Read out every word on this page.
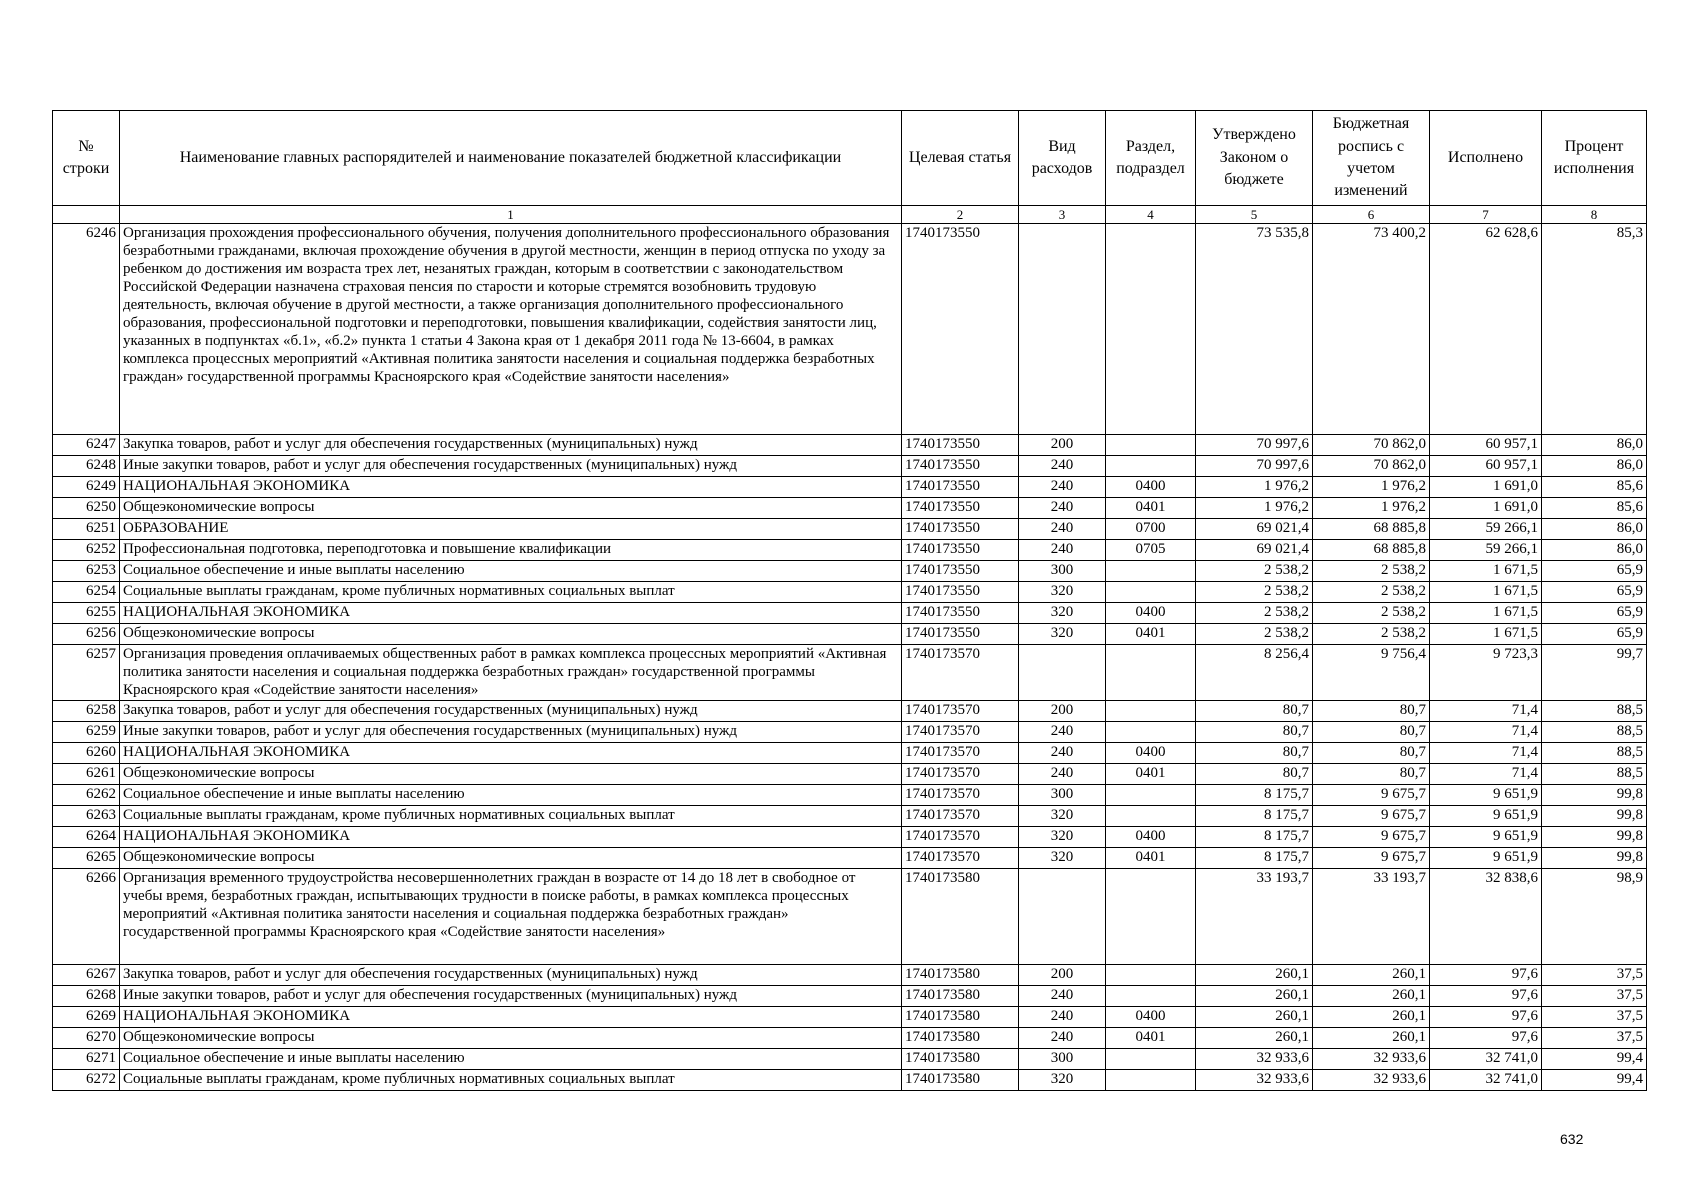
№ строки	Наименование главных распорядителей и наименование показателей бюджетной классификации	Целевая статья	Вид расходов	Раздел, подраздел	Утверждено Законом о бюджете	Бюджетная роспись с учетом изменений	Исполнено	Процент исполнения
	1	2	3	4	5	6	7	8
6246	Организация прохождения профессионального обучения, получения дополнительного профессионального образования безработными гражданами, включая прохождение обучения в другой местности, женщин в период отпуска по уходу за ребенком до достижения им возраста трех лет, незанятых граждан, которым в соответствии с законодательством Российской Федерации назначена страховая пенсия по старости и которые стремятся возобновить трудовую деятельность, включая обучение в другой местности, а также организация дополнительного профессионального образования, профессиональной подготовки и переподготовки, повышения квалификации, содействия занятости лиц, указанных в подпунктах «б.1», «б.2» пункта 1 статьи 4 Закона края от 1 декабря 2011 года № 13-6604, в рамках комплекса процессных мероприятий «Активная политика занятости населения и социальная поддержка безработных граждан» государственной программы Красноярского края «Содействие занятости населения»	1740173550			73 535,8	73 400,2	62 628,6	85,3
6247	Закупка товаров, работ и услуг для обеспечения государственных (муниципальных) нужд	1740173550	200		70 997,6	70 862,0	60 957,1	86,0
6248	Иные закупки товаров, работ и услуг для обеспечения государственных (муниципальных) нужд	1740173550	240		70 997,6	70 862,0	60 957,1	86,0
6249	НАЦИОНАЛЬНАЯ ЭКОНОМИКА	1740173550	240	0400	1 976,2	1 976,2	1 691,0	85,6
6250	Общеэкономические вопросы	1740173550	240	0401	1 976,2	1 976,2	1 691,0	85,6
6251	ОБРАЗОВАНИЕ	1740173550	240	0700	69 021,4	68 885,8	59 266,1	86,0
6252	Профессиональная подготовка, переподготовка и повышение квалификации	1740173550	240	0705	69 021,4	68 885,8	59 266,1	86,0
6253	Социальное обеспечение и иные выплаты населению	1740173550	300		2 538,2	2 538,2	1 671,5	65,9
6254	Социальные выплаты гражданам, кроме публичных нормативных социальных выплат	1740173550	320		2 538,2	2 538,2	1 671,5	65,9
6255	НАЦИОНАЛЬНАЯ ЭКОНОМИКА	1740173550	320	0400	2 538,2	2 538,2	1 671,5	65,9
6256	Общеэкономические вопросы	1740173550	320	0401	2 538,2	2 538,2	1 671,5	65,9
6257	Организация проведения оплачиваемых общественных работ в рамках комплекса процессных мероприятий «Активная политика занятости населения и социальная поддержка безработных граждан» государственной программы Красноярского края «Содействие занятости населения»	1740173570			8 256,4	9 756,4	9 723,3	99,7
6258	Закупка товаров, работ и услуг для обеспечения государственных (муниципальных) нужд	1740173570	200		80,7	80,7	71,4	88,5
6259	Иные закупки товаров, работ и услуг для обеспечения государственных (муниципальных) нужд	1740173570	240		80,7	80,7	71,4	88,5
6260	НАЦИОНАЛЬНАЯ ЭКОНОМИКА	1740173570	240	0400	80,7	80,7	71,4	88,5
6261	Общеэкономические вопросы	1740173570	240	0401	80,7	80,7	71,4	88,5
6262	Социальное обеспечение и иные выплаты населению	1740173570	300		8 175,7	9 675,7	9 651,9	99,8
6263	Социальные выплаты гражданам, кроме публичных нормативных социальных выплат	1740173570	320		8 175,7	9 675,7	9 651,9	99,8
6264	НАЦИОНАЛЬНАЯ ЭКОНОМИКА	1740173570	320	0400	8 175,7	9 675,7	9 651,9	99,8
6265	Общеэкономические вопросы	1740173570	320	0401	8 175,7	9 675,7	9 651,9	99,8
6266	Организация временного трудоустройства несовершеннолетних граждан в возрасте от 14 до 18 лет в свободное от учебы время, безработных граждан, испытывающих трудности в поиске работы, в рамках комплекса процессных мероприятий «Активная политика занятости населения и социальная поддержка безработных граждан» государственной программы Красноярского края «Содействие занятости населения»	1740173580			33 193,7	33 193,7	32 838,6	98,9
6267	Закупка товаров, работ и услуг для обеспечения государственных (муниципальных) нужд	1740173580	200		260,1	260,1	97,6	37,5
6268	Иные закупки товаров, работ и услуг для обеспечения государственных (муниципальных) нужд	1740173580	240		260,1	260,1	97,6	37,5
6269	НАЦИОНАЛЬНАЯ ЭКОНОМИКА	1740173580	240	0400	260,1	260,1	97,6	37,5
6270	Общеэкономические вопросы	1740173580	240	0401	260,1	260,1	97,6	37,5
6271	Социальное обеспечение и иные выплаты населению	1740173580	300		32 933,6	32 933,6	32 741,0	99,4
6272	Социальные выплаты гражданам, кроме публичных нормативных социальных выплат	1740173580	320		32 933,6	32 933,6	32 741,0	99,4
632
